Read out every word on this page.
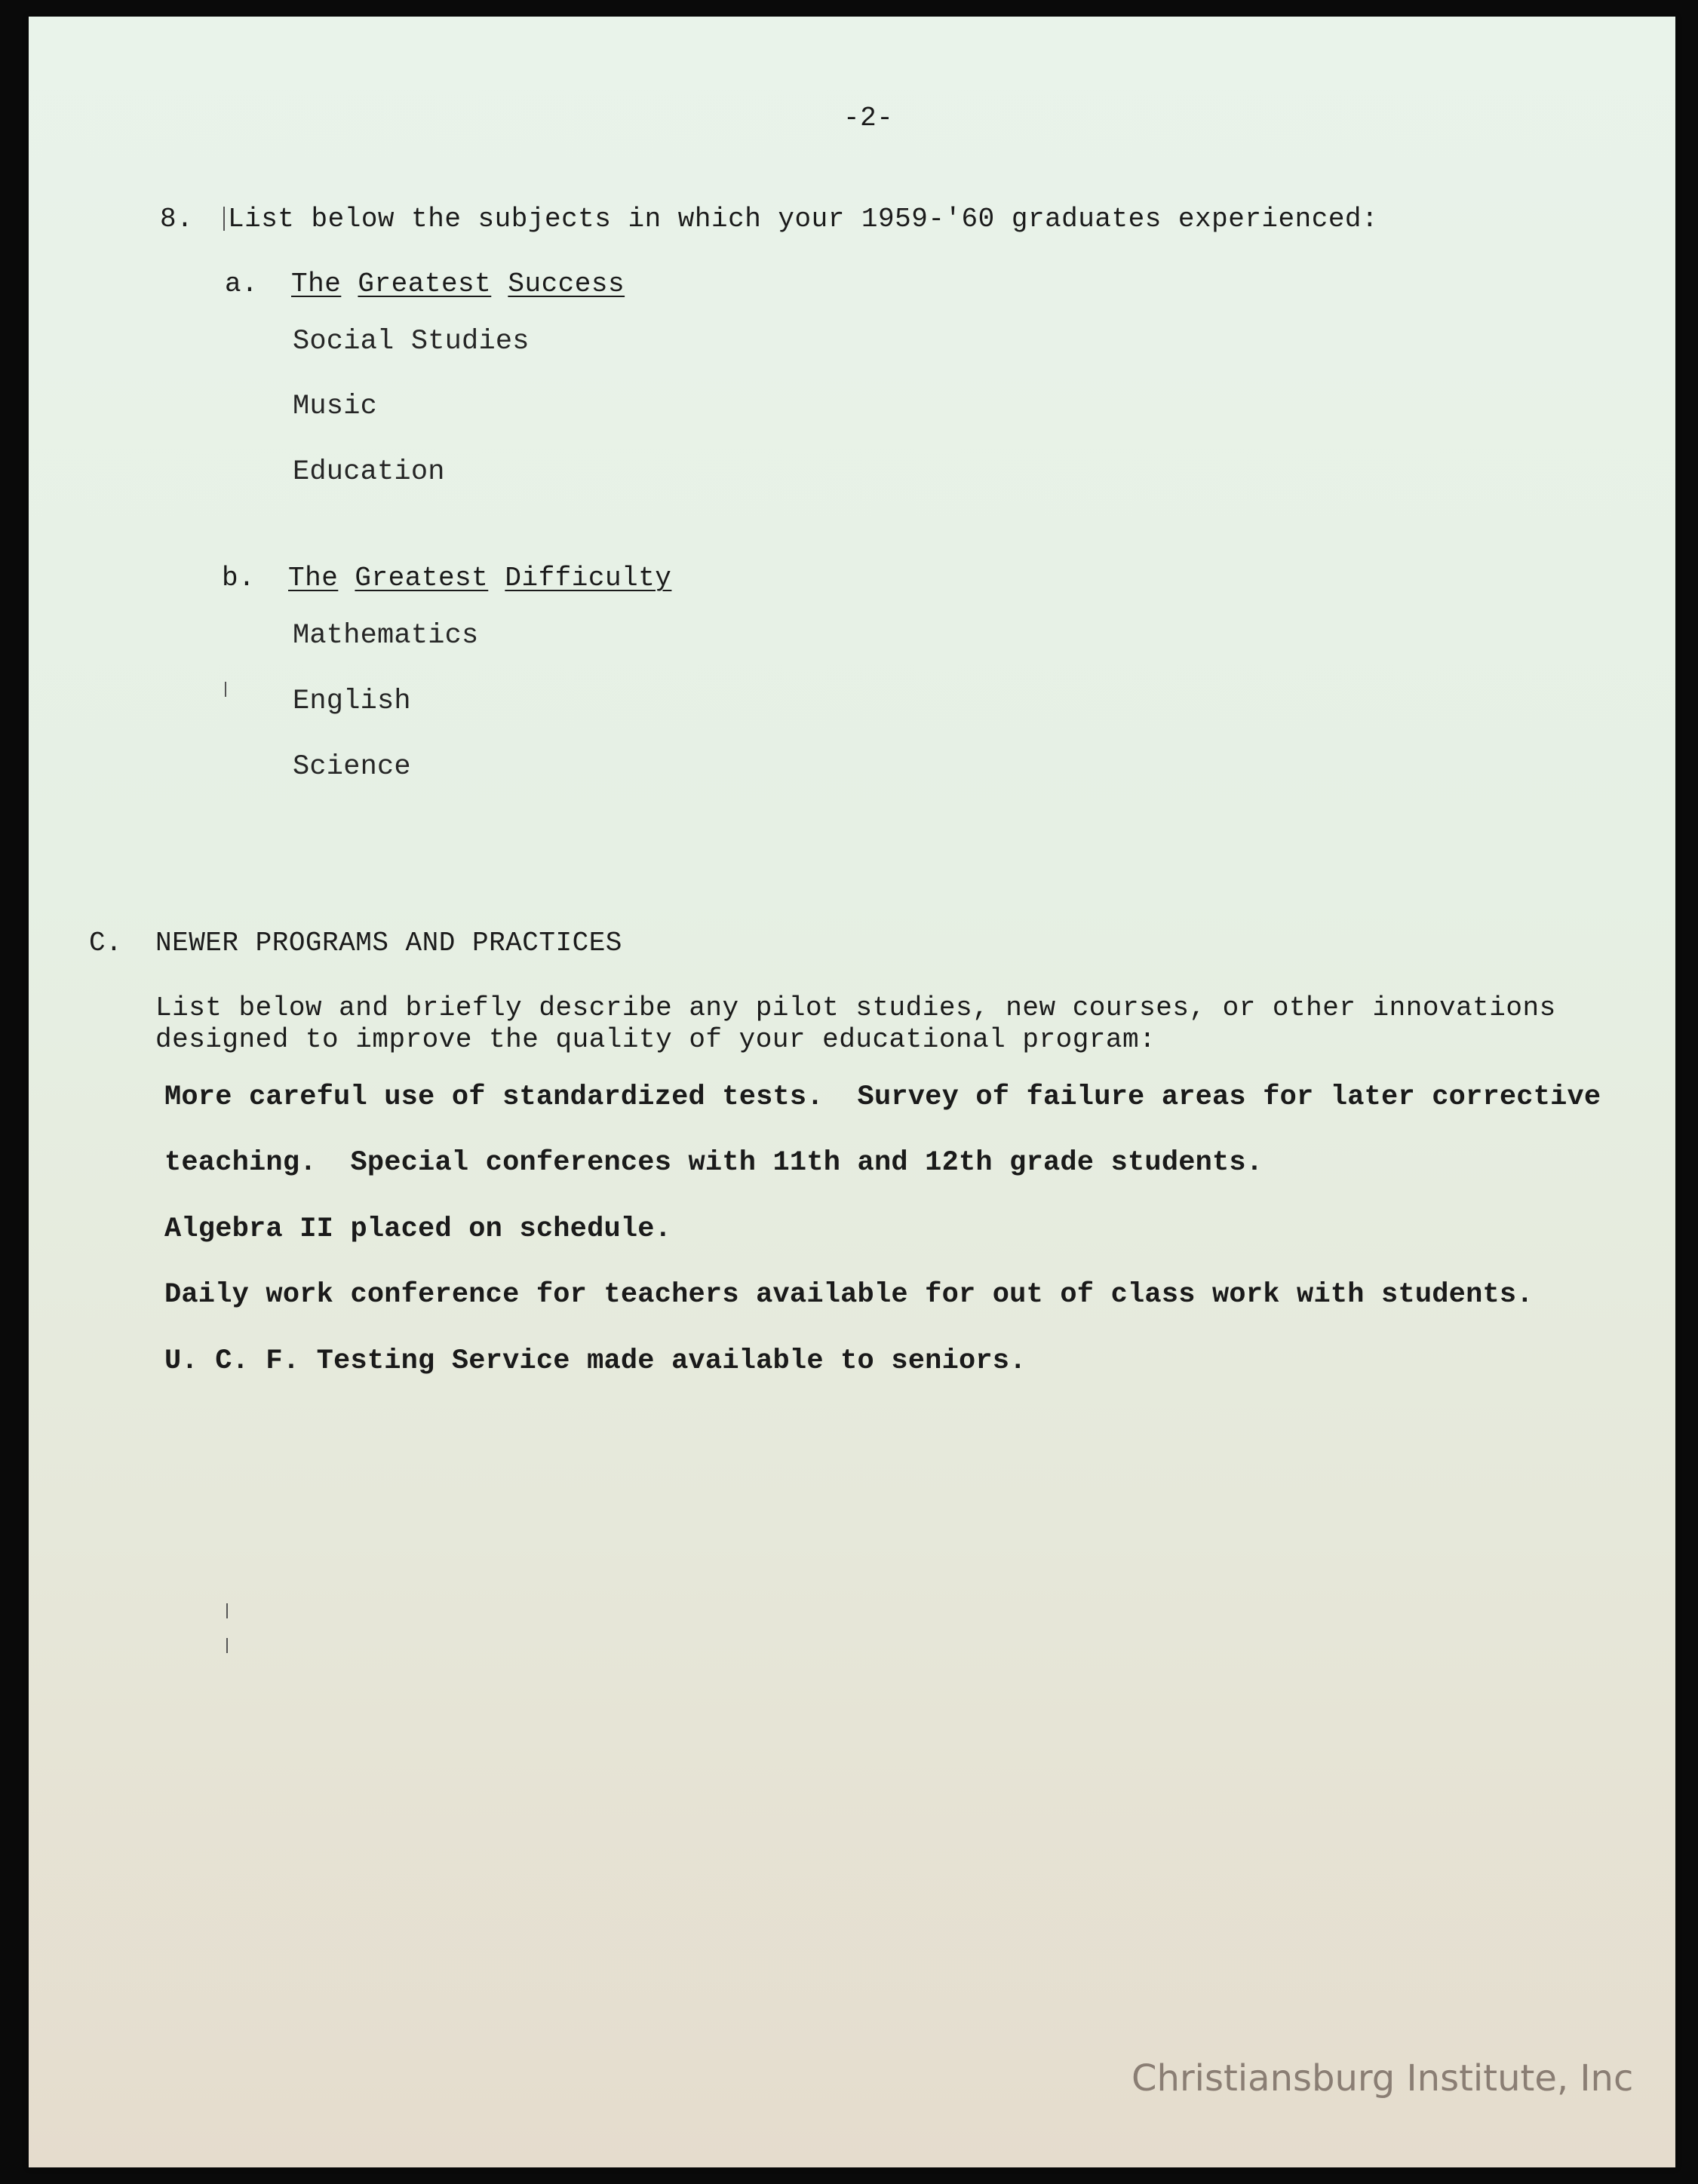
-2-
8. List below the subjects in which your 1959-'60 graduates experienced:
a. The Greatest Success
Social Studies
Music
Education
b. The Greatest Difficulty
Mathematics
English
Science
C. NEWER PROGRAMS AND PRACTICES
List below and briefly describe any pilot studies, new courses, or other innovations
designed to improve the quality of your educational program:
More careful use of standardized tests.  Survey of failure areas for later corrective
teaching.  Special conferences with 11th and 12th grade students.
Algebra II placed on schedule.
Daily work conference for teachers available for out of class work with students.
U. C. F. Testing Service made available to seniors.
Christiansburg Institute, Inc
